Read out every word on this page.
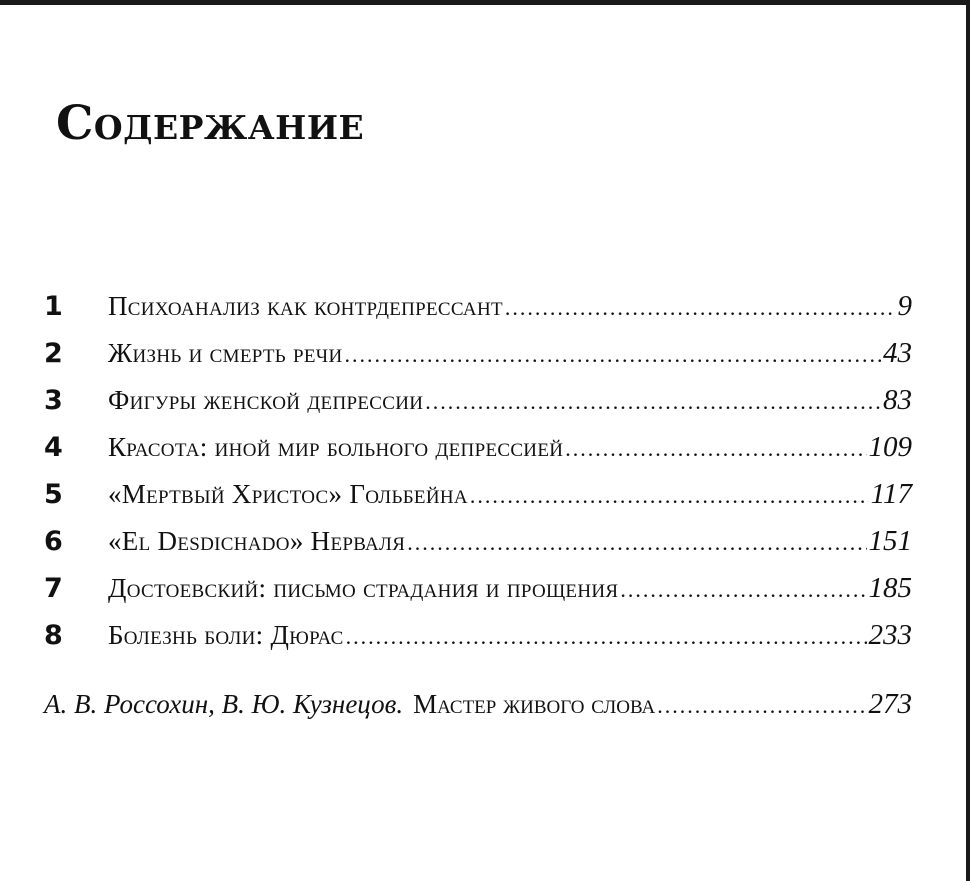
Содержание
1	Психоанализ как контрдепрессант .....	9
2	Жизнь и смерть речи .....	43
3	Фигуры женской депрессии .....	83
4	Красота: иной мир больного депрессией .....	109
5	«Мертвый Христос» Гольбейна .....	117
6	«El Desdichado» Нерваля .....	151
7	Достоевский: письмо страдания и прощения .....	185
8	Болезнь боли: Дюрас .....	233
А. В. Россохин, В. Ю. Кузнецов. Мастер живого слова .....	273
